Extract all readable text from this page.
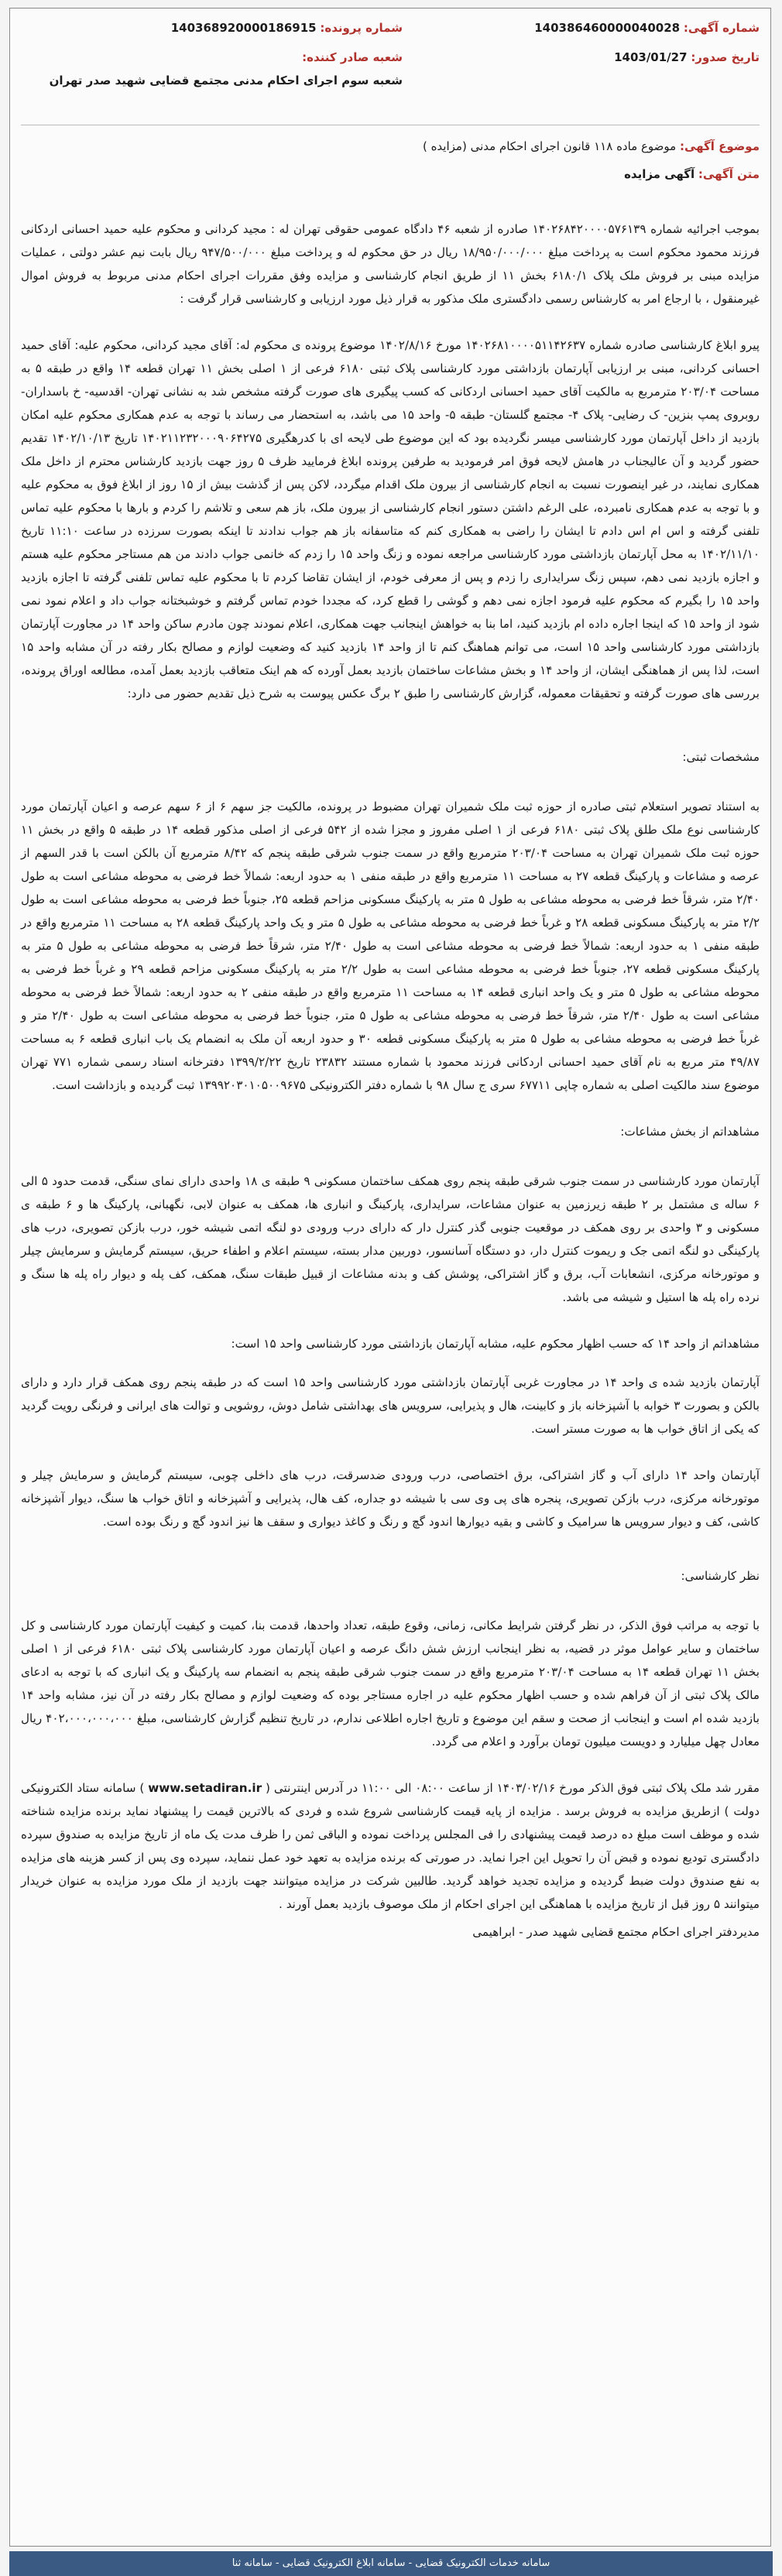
شماره آگهی: 140386460000040028
شماره پرونده: 140368920000186915
تاریخ صدور: 1403/01/27
شعبه صادر کننده:
شعبه سوم اجرای احکام مدنی مجتمع قضایی شهید صدر تهران
موضوع آگهی: موضوع ماده ۱۱۸ قانون اجرای احکام مدنی (مزایده )
متن آگهی: آگهی مزایده

بموجب اجرائیه شماره ۱۴۰۲۶۸۴۲۰۰۰۰۵۷۶۱۳۹ صادره از شعبه ۴۶ دادگاه عمومی حقوقی تهران له : مجید کردانی و محکوم علیه حمید احسانی اردکانی فرزند محمود محکوم است به پرداخت مبلغ ۱۸/۹۵۰/۰۰۰/۰۰۰ ریال در حق محکوم له و پرداخت مبلغ ۹۴۷/۵۰۰/۰۰۰ ریال بابت نیم عشر دولتی ، عملیات مزایده مبنی بر فروش ملک پلاک ۶۱۸۰/۱ بخش ۱۱ از طریق انجام کارشناسی و مزایده وفق مقررات اجرای احکام مدنی مربوط به فروش اموال غیرمنقول ، با ارجاع امر به کارشناس رسمی دادگستری ملک مذکور به قرار ذیل مورد ارزیابی و کارشناسی قرار گرفت :

پیرو ابلاغ کارشناسی صادره شماره ۱۴۰۲۶۸۱۰۰۰۰۵۱۱۴۲۶۳۷ مورخ ۱۴۰۲/۸/۱۶ موضوع پرونده ی محکوم له: آقای مجید کردانی، محکوم علیه: آقای حمید احسانی کردانی، مبنی بر ارزیابی آپارتمان بازداشتی مورد کارشناسی پلاک ثبتی ۶۱۸۰ فرعی از ۱ اصلی بخش ۱۱ تهران قطعه ۱۴ واقع در طبقه ۵ به مساحت ۲۰۳/۰۴ مترمربع به مالکیت آقای حمید احسانی اردکانی که کسب پیگیری های صورت گرفته مشخص شد به نشانی تهران- اقدسیه- خ باسداران- روبروی پمپ بنزین- ک رضایی- پلاک ۴- مجتمع گلستان- طبقه ۵- واحد ۱۵ می باشد، به استحضار می رساند با توجه به عدم همکاری محکوم علیه امکان بازدید از داخل آپارتمان مورد کارشناسی میسر نگردیده بود که این موضوع طی لایحه ای با کدرهگیری ۱۴۰۲۱۱۲۳۲۰۰۰۹۰۶۴۲۷۵ تاریخ ۱۴۰۲/۱۰/۱۳ تقدیم حضور گردید و آن عالیجناب در هامش لایحه فوق امر فرمودید به طرفین پرونده ابلاغ فرمایید ظرف ۵ روز جهت بازدید کارشناس محترم از داخل ملک همکاری نمایند، در غیر اینصورت نسبت به انجام کارشناسی از بیرون ملک اقدام میگردد، لاکن پس از گذشت بیش از ۱۵ روز از ابلاغ فوق به محکوم علیه و با توجه به عدم همکاری نامبرده، علی الرغم داشتن دستور انجام کارشناسی از بیرون ملک، باز هم سعی و تلاشم را کردم و بارها با محکوم علیه تماس تلفنی گرفته و اس ام اس دادم تا ایشان را راضی به همکاری کنم که متاسفانه باز هم جواب ندادند تا اینکه بصورت سرزده در ساعت ۱۱:۱۰ تاریخ ۱۴۰۲/۱۱/۱۰ به محل آپارتمان بازداشتی مورد کارشناسی مراجعه نموده و زنگ واحد ۱۵ را زدم که خانمی جواب دادند من هم مستاجر محکوم علیه هستم و اجازه بازدید نمی دهم، سپس زنگ سرایداری را زدم و پس از معرفی خودم، از ایشان تقاضا کردم تا با محکوم علیه تماس تلفنی گرفته تا اجازه بازدید واحد ۱۵ را بگیرم که محکوم علیه فرمود اجازه نمی دهم و گوشی را قطع کرد، که مجددا خودم تماس گرفتم و خوشبختانه جواب داد و اعلام نمود نمی شود از واحد ۱۵ که اینجا اجاره داده ام بازدید کنید، اما بنا به خواهش اینجانب جهت همکاری، اعلام نمودند چون مادرم ساکن واحد ۱۴ در مجاورت آپارتمان بازداشتی مورد کارشناسی واحد ۱۵ است، می توانم هماهنگ کنم تا از واحد ۱۴ بازدید کنید که وضعیت لوازم و مصالح بکار رفته در آن مشابه واحد ۱۵ است، لذا پس از هماهنگی ایشان، از واحد ۱۴ و بخش مشاعات ساختمان بازدید بعمل آورده که هم اینک متعاقب بازدید بعمل آمده، مطالعه اوراق پرونده، بررسی های صورت گرفته و تحقیقات معموله، گزارش کارشناسی را طبق ۲ برگ عکس پیوست به شرح ذیل تقدیم حضور می دارد:

مشخصات ثبتی:

به استناد تصویر استعلام ثبتی صادره از حوزه ثبت ملک شمیران تهران مضبوط در پرونده، مالکیت جز سهم ۶ از ۶ سهم عرصه و اعیان آپارتمان مورد کارشناسی نوع ملک طلق پلاک ثبتی ۶۱۸۰ فرعی از ۱ اصلی مفروز و مجزا شده از ۵۴۲ فرعی از اصلی مذکور قطعه ۱۴ در طبقه ۵ واقع در بخش ۱۱ حوزه ثبت ملک شمیران تهران به مساحت ۲۰۳/۰۴ مترمربع واقع در سمت جنوب شرقی طبقه پنجم که ۸/۴۲ مترمربع آن بالکن است با قدر السهم از عرصه و مشاعات و پارکینگ قطعه ۲۷ به مساحت ۱۱ مترمربع واقع در طبقه منفی ۱ به حدود اربعه: شمالاً خط فرضی به محوطه مشاعی است به طول ۲/۴۰ متر، شرقاً خط فرضی به محوطه مشاعی به طول ۵ متر به پارکینگ مسکونی مزاحم قطعه ۲۵، جنوباً خط فرضی به محوطه مشاعی است به طول ۲/۲ متر به پارکینگ مسکونی قطعه ۲۸ و غرباً خط فرضی به محوطه مشاعی به طول ۵ متر و یک واحد پارکینگ قطعه ۲۸ به مساحت ۱۱ مترمربع واقع در طبقه منفی ۱ به حدود اربعه: شمالاً خط فرضی به محوطه مشاعی است به طول ۲/۴۰ متر، شرقاً خط فرضی به محوطه مشاعی به طول ۵ متر به پارکینگ مسکونی قطعه ۲۷، جنوباً خط فرضی به محوطه مشاعی است به طول ۲/۲ متر به پارکینگ مسکونی مزاحم قطعه ۲۹ و غرباً خط فرضی به محوطه مشاعی به طول ۵ متر و یک واحد انباری قطعه ۱۴ به مساحت ۱۱ مترمربع واقع در طبقه منفی ۲ به حدود اربعه: شمالاً خط فرضی به محوطه مشاعی است به طول ۲/۴۰ متر، شرقاً خط فرضی به محوطه مشاعی به طول ۵ متر، جنوباً خط فرضی به محوطه مشاعی است به طول ۲/۴۰ متر و غرباً خط فرضی به محوطه مشاعی به طول ۵ متر به پارکینگ مسکونی قطعه ۳۰ و حدود اربعه آن ملک به انضمام یک باب انباری قطعه ۶ به مساحت ۴۹/۸۷ متر مربع به نام آقای حمید احسانی اردکانی فرزند محمود با شماره مستند ۲۳۸۳۲ تاریخ ۱۳۹۹/۲/۲۲ دفترخانه اسناد رسمی شماره ۷۷۱ تهران موضوع سند مالکیت اصلی به شماره چاپی ۶۷۷۱۱ سری ج سال ۹۸ با شماره دفتر الکترونیکی ۱۳۹۹۲۰۳۰۱۰۵۰۰۹۶۷۵ ثبت گردیده و بازداشت است.

مشاهداتم از بخش مشاعات:

آپارتمان مورد کارشناسی در سمت جنوب شرقی طبقه پنجم روی همکف ساختمان مسکونی ۹ طبقه ی ۱۸ واحدی دارای نمای سنگی، قدمت حدود ۵ الی ۶ ساله ی مشتمل بر ۲ طبقه زیرزمین به عنوان مشاعات، سرایداری، پارکینگ و انباری ها، همکف به عنوان لابی، نگهبانی، پارکینگ ها و ۶ طبقه ی مسکونی و ۳ واحدی بر روی همکف در موقعیت جنوبی گذر کنترل دار که دارای درب ورودی دو لنگه اتمی شیشه خور، درب بازکن تصویری، درب های پارکینگی دو لنگه اتمی جک و ریموت کنترل دار، دو دستگاه آسانسور، دوربین مدار بسته، سیستم اعلام و اطفاء حریق، سیستم گرمایش و سرمایش چیلر و موتورخانه مرکزی، انشعابات آب، برق و گاز اشتراکی، پوشش کف و بدنه مشاعات از قبیل طبقات سنگ، همکف، کف پله و دیوار راه پله ها سنگ و نرده راه پله ها استیل و شیشه می باشد.

مشاهداتم از واحد ۱۴ که حسب اظهار محکوم علیه، مشابه آپارتمان بازداشتی مورد کارشناسی واحد ۱۵ است:

آپارتمان بازدید شده ی واحد ۱۴ در مجاورت غربی آپارتمان بازداشتی مورد کارشناسی واحد ۱۵ است که در طبقه پنجم روی همکف قرار دارد و دارای بالکن و بصورت ۳ خوابه با آشپزخانه باز و کابینت، هال و پذیرایی، سرویس های بهداشتی شامل دوش، روشویی و توالت های ایرانی و فرنگی رویت گردید که یکی از اتاق خواب ها به صورت مستر است.

آپارتمان واحد ۱۴ دارای آب و گاز اشتراکی، برق اختصاصی، درب ورودی ضدسرقت، درب های داخلی چوبی، سیستم گرمایش و سرمایش چیلر و موتورخانه مرکزی، درب بازکن تصویری، پنجره های پی وی سی با شیشه دو جداره، کف هال، پذیرایی و آشپزخانه و اتاق خواب ها سنگ، دیوار آشپزخانه کاشی، کف و دیوار سرویس ها سرامیک و کاشی و بقیه دیوارها اندود گچ و رنگ و کاغذ دیواری و سقف ها نیز اندود گچ و رنگ بوده است.

نظر کارشناسی:

با توجه به مراتب فوق الذکر، در نظر گرفتن شرایط مکانی، زمانی، وقوع طبقه، تعداد واحدها، قدمت بنا، کمیت و کیفیت آپارتمان مورد کارشناسی و کل ساختمان و سایر عوامل موثر در قضیه، به نظر اینجانب ارزش شش دانگ عرصه و اعیان آپارتمان مورد کارشناسی پلاک ثبتی ۶۱۸۰ فرعی از ۱ اصلی بخش ۱۱ تهران قطعه ۱۴ به مساحت ۲۰۳/۰۴ مترمربع واقع در سمت جنوب شرقی طبقه پنجم به انضمام سه پارکینگ و یک انباری که با توجه به ادعای مالک پلاک ثبتی از آن فراهم شده و حسب اظهار محکوم علیه در اجاره مستاجر بوده که وضعیت لوازم و مصالح بکار رفته در آن نیز، مشابه واحد ۱۴ بازدید شده ام است و اینجانب از صحت و سقم این موضوع و تاریخ اجاره اطلاعی ندارم، در تاریخ تنظیم گزارش کارشناسی، مبلغ ۴۰۲،۰۰۰،۰۰۰،۰۰۰ ریال معادل چهل میلیارد و دویست میلیون تومان برآورد و اعلام می گردد.

مقرر شد ملک پلاک ثبتی فوق الذکر مورخ ۱۴۰۳/۰۲/۱۶ از ساعت ۰۸:۰۰ الی ۱۱:۰۰ در آدرس اینترنتی ( www.setadiran.ir ) سامانه ستاد الکترونیکی دولت ) ازطریق مزایده به فروش برسد . مزایده از پایه قیمت کارشناسی شروع شده و فردی که بالاترین قیمت را پیشنهاد نماید برنده مزایده شناخته شده و موظف است مبلغ ده درصد قیمت پیشنهادی را فی المجلس پرداخت نموده و الباقی ثمن را ظرف مدت یک ماه از تاریخ مزایده به صندوق سپرده دادگستری تودیع نموده و قبض آن را تحویل این اجرا نماید. در صورتی که برنده مزایده به تعهد خود عمل ننماید، سپرده وی پس از کسر هزینه های مزایده به نفع صندوق دولت ضبط گردیده و مزایده تجدید خواهد گردید. طالبین شرکت در مزایده میتوانند جهت بازدید از ملک مورد مزایده به عنوان خریدار میتوانند ۵ روز قبل از تاریخ مزایده با هماهنگی این اجرای احکام از ملک موصوف بازدید بعمل آورند .

مدیردفتر اجرای احکام مجتمع قضایی شهید صدر - ابراهیمی

سامانه خدمات الکترونیک قضایی - سامانه ابلاغ الکترونیک قضایی - سامانه ثنا
